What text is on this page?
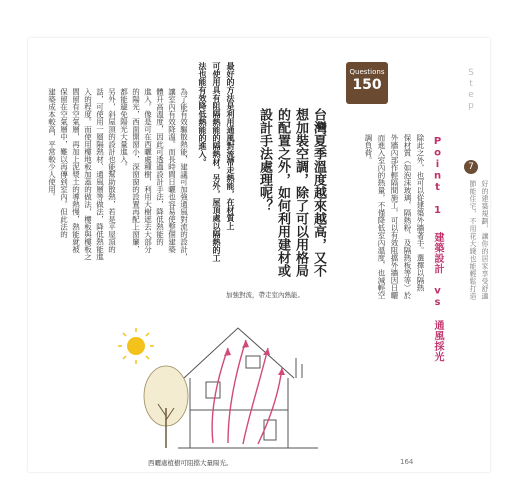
Step
7
好的建築規劃，讓你的居家享受舒適
節能住宅，不用花大錢也能輕鬆打造
Point 1 建築設計 vs 通風採光
除此之外，也可以從建築外牆著手。選擇以隔熱
保材質（如泡沫玻璃、隔熱粉、及隔熱板等等）於
外牆內部作輕隔間施工，可以有效阻擋外牆因日曬
而進入室內的熱量，不僅降低室內溫度，也減輕空
調負荷。
Questions
150
設計手法處理呢？ 的配置之外，如何利用建材或 想加裝空調，除了可以用格局 台灣夏季溫度越來越高，又不
最好的方法是利用通風對流帶走熱能，在材質上
可使用具有阻隔熱能的隔熱材，另外，屋頂處以隔熱的工
法也能有效降低熱能的進入。
為了能有效驅散熱能，建議可加強通風對流的設計，
讓室內有效降溫。而長時間日曬也容易使整個建築
體升高溫度，因此可透過設計手法，降低熱能的
進入。像是可在西曬處種樹，利用大樹遮去大部分
的陽光，西面開窗小，深窗窗的設置再配上窗簾，
都能避免陽光大量進入。
另外，斜屋頂的設計也能幫助散熱，若是平屋頂的
話，可使用一層隔熱材、通風層等做法，降低熱能進
入的程度。而使用樓地板加蓋的做法，樓板與樓板之
間留有空氣層，再加上泥漿土的導熱慢，熱能就被
保留在空氣層中，難以再傳到室內。但此法的
建築成本較高，平常較少人使用。
加強對流，帶走室內熱能。
西曬處植樹可阻擋大量陽光。	164
